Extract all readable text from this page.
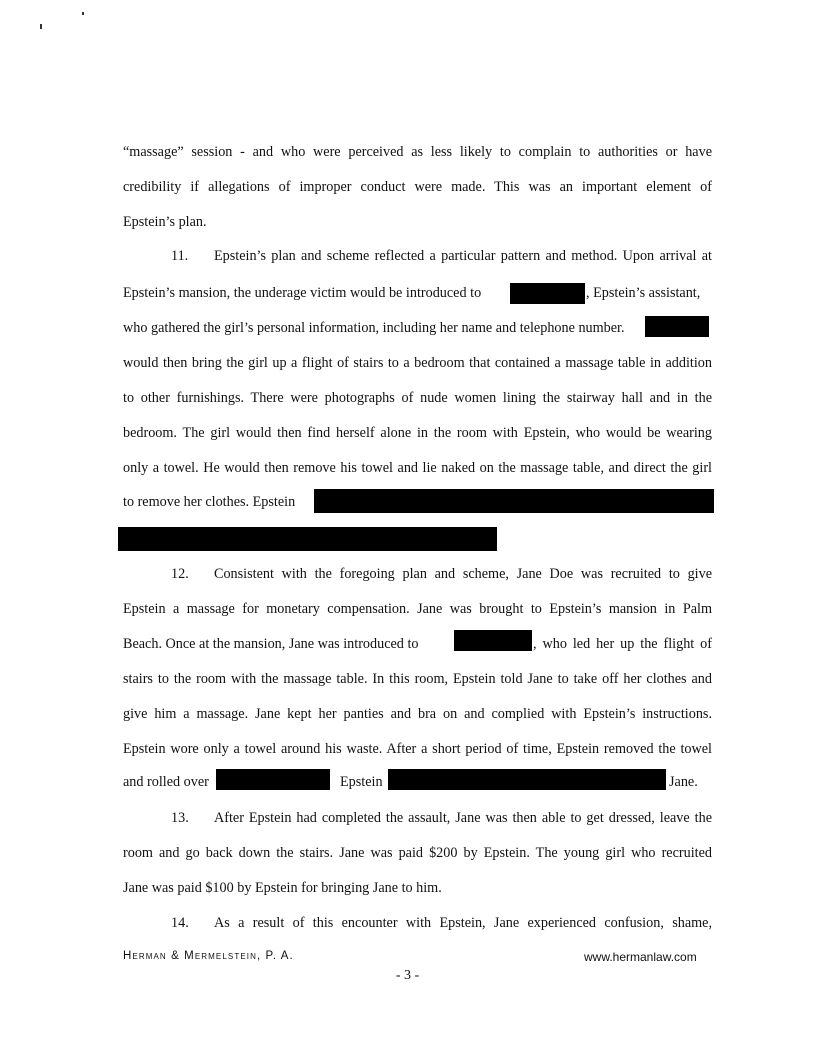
“massage” session - and who were perceived as less likely to complain to authorities or have
credibility if allegations of improper conduct were made. This was an important element of
Epstein’s plan.
11. Epstein’s plan and scheme reflected a particular pattern and method. Upon arrival at
Epstein’s mansion, the underage victim would be introduced to	, Epstein’s assistant,
who gathered the girl’s personal information, including her name and telephone number.
would then bring the girl up a flight of stairs to a bedroom that contained a massage table in addition
to other furnishings. There were photographs of nude women lining the stairway hall and in the
bedroom. The girl would then find herself alone in the room with Epstein, who would be wearing
only a towel. He would then remove his towel and lie naked on the massage table, and direct the girl
to remove her clothes. Epstein
12. Consistent with the foregoing plan and scheme, Jane Doe was recruited to give
Epstein a massage for monetary compensation. Jane was brought to Epstein’s mansion in Palm
Beach. Once at the mansion, Jane was introduced to	, who led her up the flight of
stairs to the room with the massage table. In this room, Epstein told Jane to take off her clothes and
give him a massage. Jane kept her panties and bra on and complied with Epstein’s instructions.
Epstein wore only a towel around his waste. After a short period of time, Epstein removed the towel
and rolled over	Epstein	Jane.
13. After Epstein had completed the assault, Jane was then able to get dressed, leave the
room and go back down the stairs. Jane was paid $200 by Epstein. The young girl who recruited
Jane was paid $100 by Epstein for bringing Jane to him.
14. As a result of this encounter with Epstein, Jane experienced confusion, shame,
Herman & Mermelstein, P. A.	www.hermanlaw.com
- 3 -
